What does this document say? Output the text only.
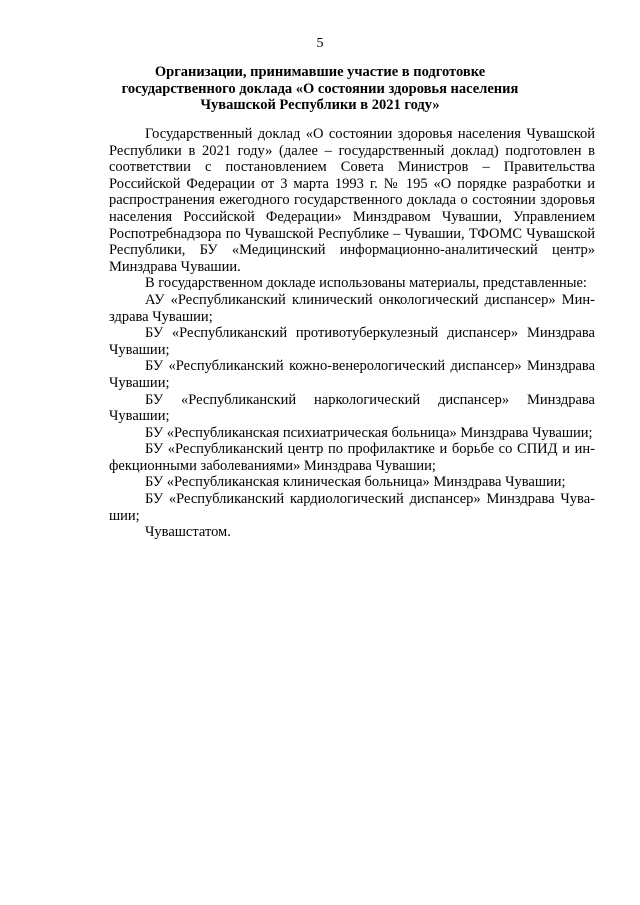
5
Организации, принимавшие участие в подготовке
государственного доклада «О состоянии здоровья населения
Чувашской Республики в 2021 году»

Государственный доклад «О состоянии здоровья населения Чувашской Республики в 2021 году» (далее – государственный доклад) подготовлен в соответствии с постановлением Совета Министров – Правительства Российской Федерации от 3 марта 1993 г. № 195 «О порядке разработки и распространения ежегодного государственного доклада о состоянии здоровья населения Российской Федерации» Минздравом Чувашии, Управлением Роспотребнадзора по Чувашской Республике – Чувашии, ТФОМС Чувашской Республики, БУ «Медицинский информационно-аналитический центр» Минздрава Чувашии.

В государственном докладе использованы материалы, представленные:

АУ «Республиканский клинический онкологический диспансер» Минздрава Чувашии;

БУ «Республиканский противотуберкулезный диспансер» Минздрава Чувашии;

БУ «Республиканский кожно-венерологический диспансер» Минздрава Чувашии;

БУ «Республиканский наркологический диспансер» Минздрава Чувашии;

БУ «Республиканская психиатрическая больница» Минздрава Чувашии;

БУ «Республиканский центр по профилактике и борьбе со СПИД и инфекционными заболеваниями» Минздрава Чувашии;

БУ «Республиканская клиническая больница» Минздрава Чувашии;

БУ «Республиканский кардиологический диспансер» Минздрава Чувашии;

Чувашстатом.
